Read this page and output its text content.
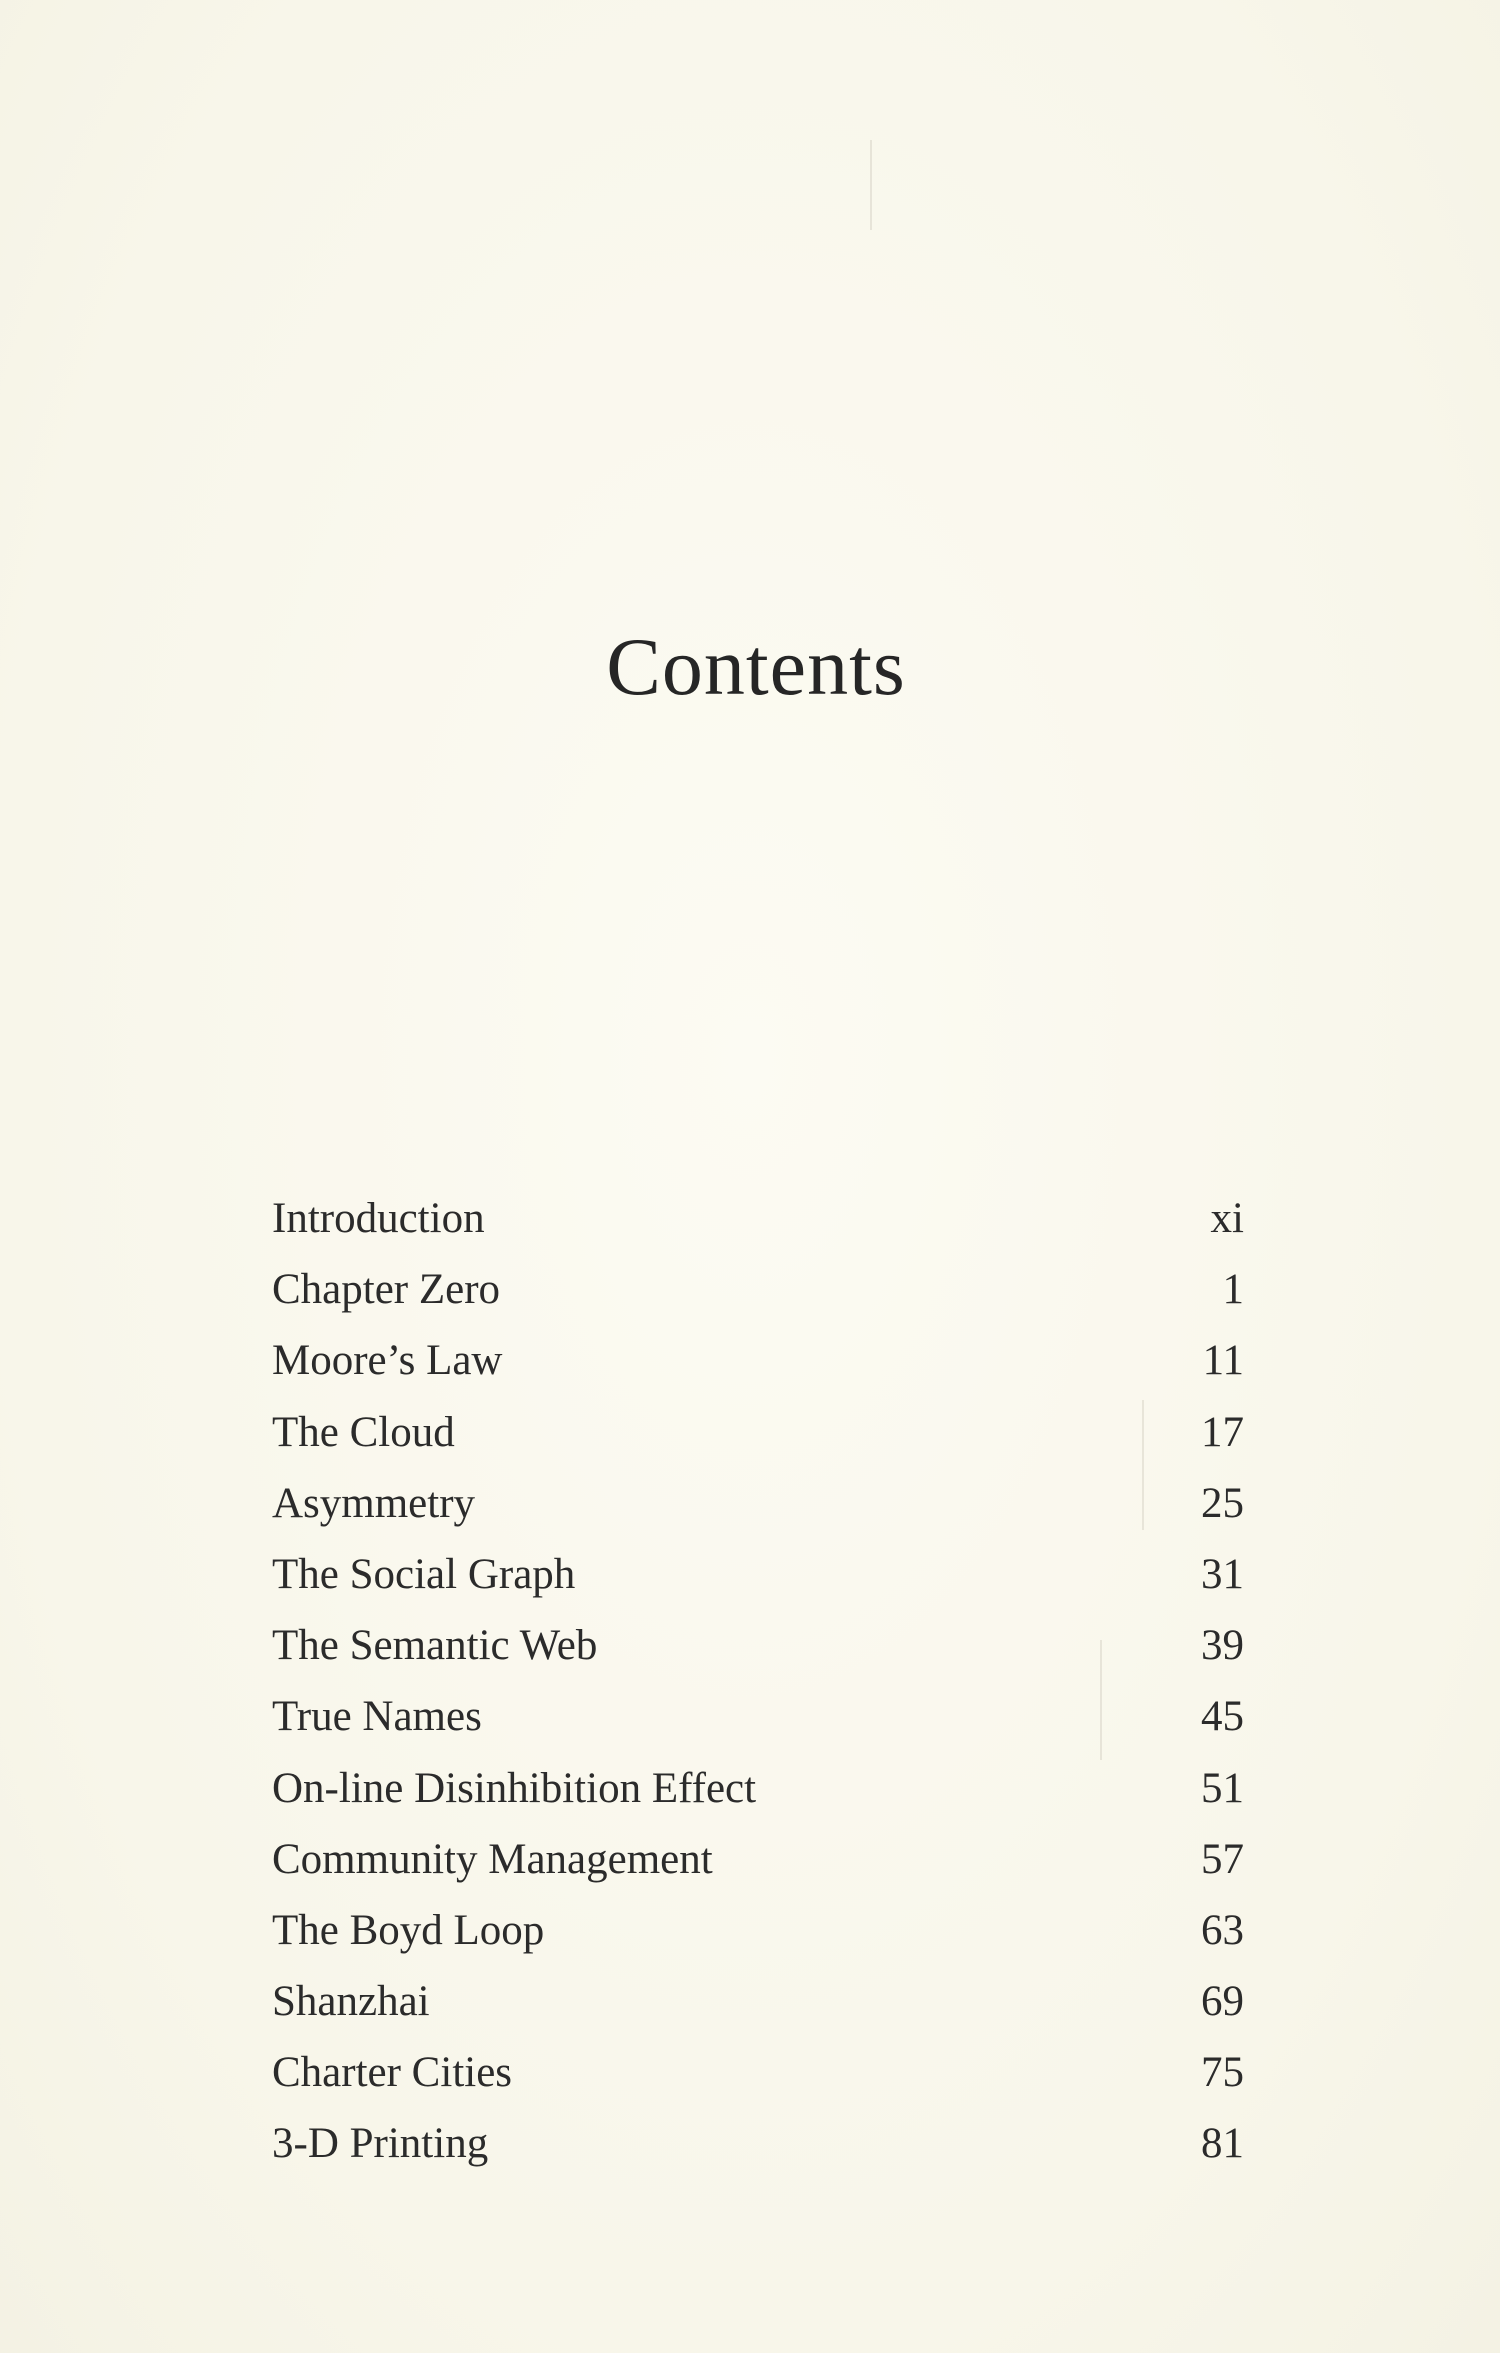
Contents
Introduction	xi
Chapter Zero	1
Moore’s Law	11
The Cloud	17
Asymmetry	25
The Social Graph	31
The Semantic Web	39
True Names	45
On-line Disinhibition Effect	51
Community Management	57
The Boyd Loop	63
Shanzhai	69
Charter Cities	75
3-D Printing	81
